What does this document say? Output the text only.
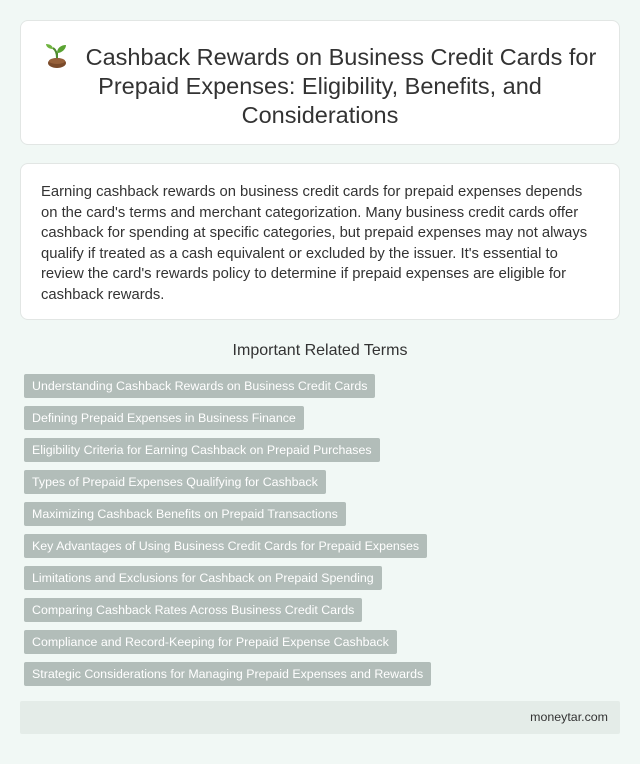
Cashback Rewards on Business Credit Cards for Prepaid Expenses: Eligibility, Benefits, and Considerations

Earning cashback rewards on business credit cards for prepaid expenses depends on the card's terms and merchant categorization. Many business credit cards offer cashback for spending at specific categories, but prepaid expenses may not always qualify if treated as a cash equivalent or excluded by the issuer. It's essential to review the card's rewards policy to determine if prepaid expenses are eligible for cashback rewards.

Important Related Terms
Understanding Cashback Rewards on Business Credit Cards
Defining Prepaid Expenses in Business Finance
Eligibility Criteria for Earning Cashback on Prepaid Purchases
Types of Prepaid Expenses Qualifying for Cashback
Maximizing Cashback Benefits on Prepaid Transactions
Key Advantages of Using Business Credit Cards for Prepaid Expenses
Limitations and Exclusions for Cashback on Prepaid Spending
Comparing Cashback Rates Across Business Credit Cards
Compliance and Record-Keeping for Prepaid Expense Cashback
Strategic Considerations for Managing Prepaid Expenses and Rewards
moneytar.com
